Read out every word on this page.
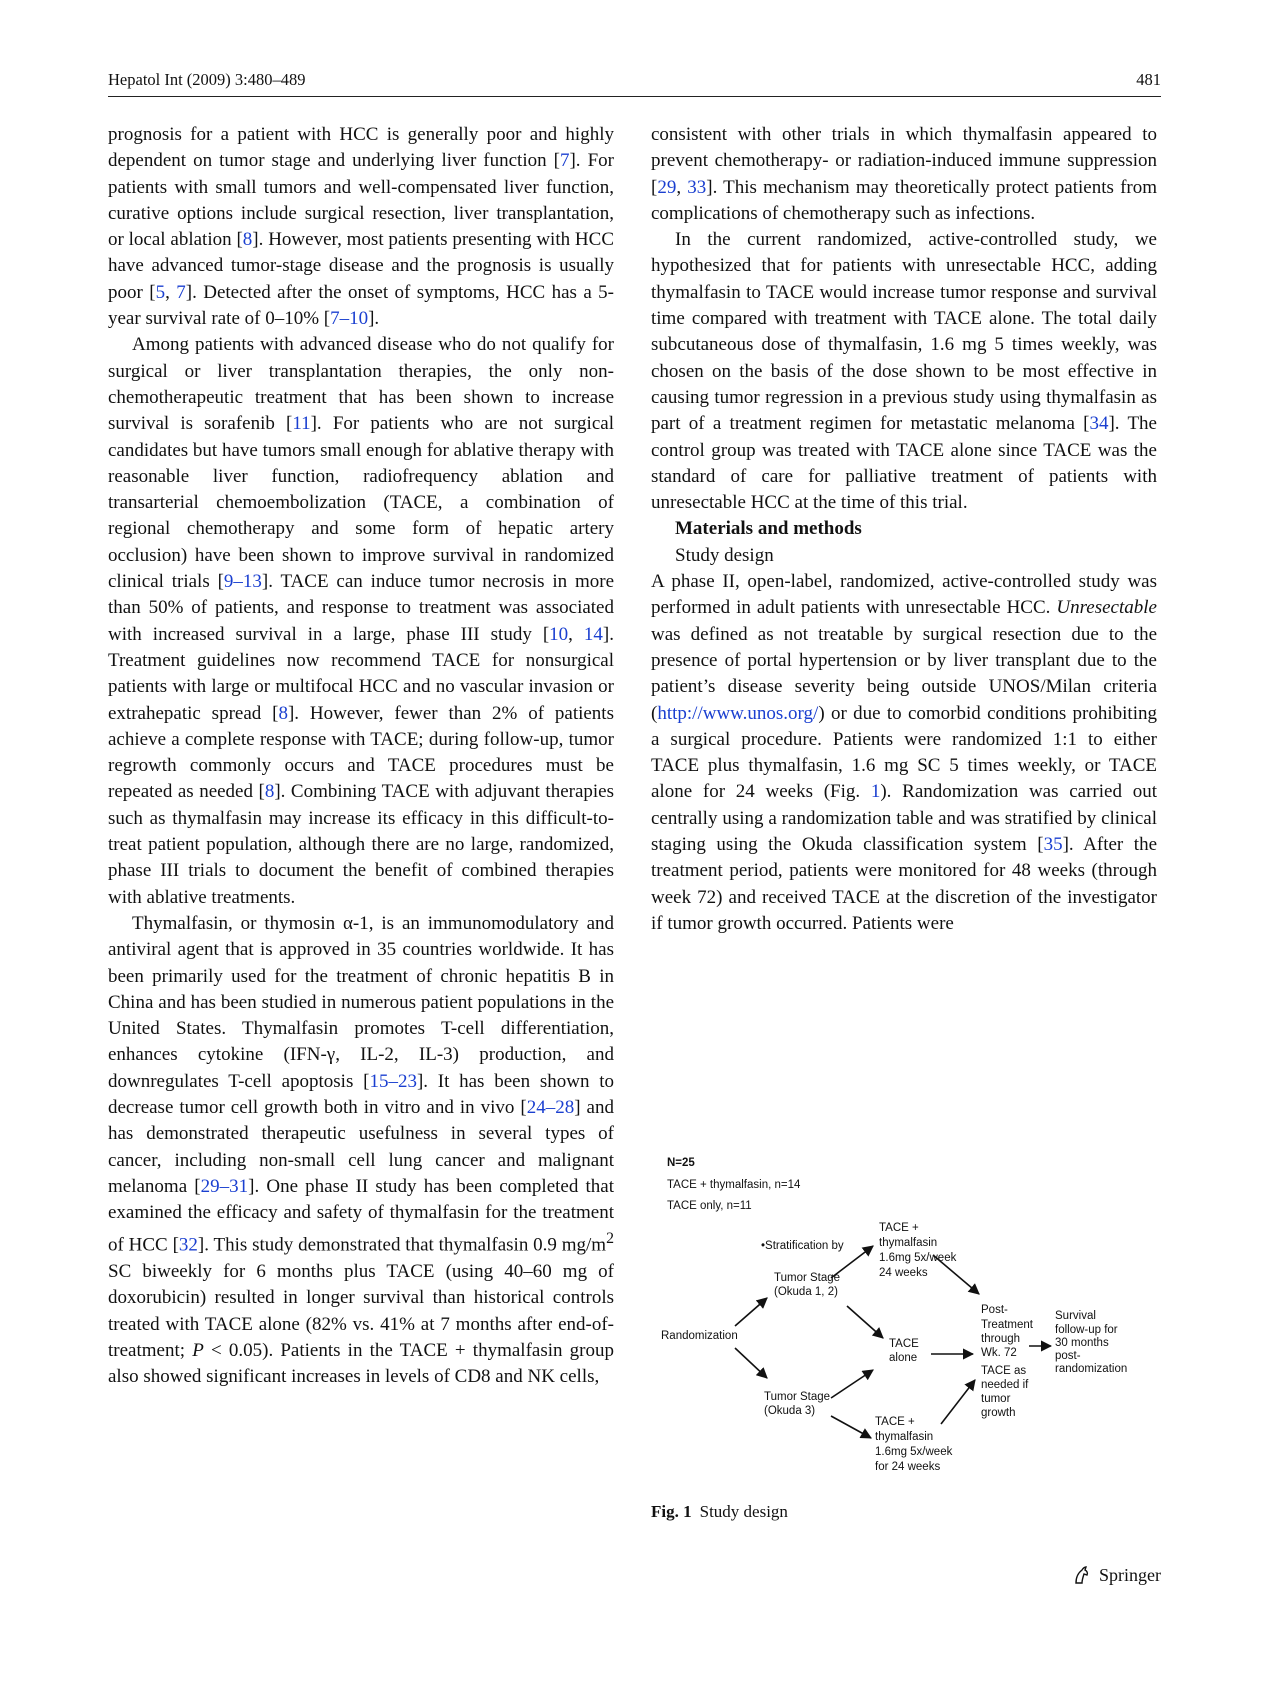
Hepatol Int (2009) 3:480–489	481

prognosis for a patient with HCC is generally poor and highly dependent on tumor stage and underlying liver function [7]. For patients with small tumors and well-compensated liver function, curative options include surgical resection, liver transplantation, or local ablation [8]. However, most patients presenting with HCC have advanced tumor-stage disease and the prognosis is usually poor [5, 7]. Detected after the onset of symptoms, HCC has a 5-year survival rate of 0–10% [7–10].

Among patients with advanced disease who do not qualify for surgical or liver transplantation therapies, the only non-chemotherapeutic treatment that has been shown to increase survival is sorafenib [11]. For patients who are not surgical candidates but have tumors small enough for ablative therapy with reasonable liver function, radiofrequency ablation and transarterial chemoembolization (TACE, a combination of regional chemotherapy and some form of hepatic artery occlusion) have been shown to improve survival in randomized clinical trials [9–13]. TACE can induce tumor necrosis in more than 50% of patients, and response to treatment was associated with increased survival in a large, phase III study [10, 14]. Treatment guidelines now recommend TACE for nonsurgical patients with large or multifocal HCC and no vascular invasion or extrahepatic spread [8]. However, fewer than 2% of patients achieve a complete response with TACE; during follow-up, tumor regrowth commonly occurs and TACE procedures must be repeated as needed [8]. Combining TACE with adjuvant therapies such as thymalfasin may increase its efficacy in this difficult-to-treat patient population, although there are no large, randomized, phase III trials to document the benefit of combined therapies with ablative treatments.

Thymalfasin, or thymosin α-1, is an immunomodulatory and antiviral agent that is approved in 35 countries worldwide. It has been primarily used for the treatment of chronic hepatitis B in China and has been studied in numerous patient populations in the United States. Thymalfasin promotes T-cell differentiation, enhances cytokine (IFN-γ, IL-2, IL-3) production, and downregulates T-cell apoptosis [15–23]. It has been shown to decrease tumor cell growth both in vitro and in vivo [24–28] and has demonstrated therapeutic usefulness in several types of cancer, including non-small cell lung cancer and malignant melanoma [29–31]. One phase II study has been completed that examined the efficacy and safety of thymalfasin for the treatment of HCC [32]. This study demonstrated that thymalfasin 0.9 $mg/m^2$ SC biweekly for 6 months plus TACE (using 40–60 mg of doxorubicin) resulted in longer survival than historical controls treated with TACE alone (82% vs. 41% at 7 months after end-of-treatment; P < 0.05). Patients in the TACE + thymalfasin group also showed significant increases in levels of CD8 and NK cells,

consistent with other trials in which thymalfasin appeared to prevent chemotherapy- or radiation-induced immune suppression [29, 33]. This mechanism may theoretically protect patients from complications of chemotherapy such as infections.

In the current randomized, active-controlled study, we hypothesized that for patients with unresectable HCC, adding thymalfasin to TACE would increase tumor response and survival time compared with treatment with TACE alone. The total daily subcutaneous dose of thymalfasin, 1.6 mg 5 times weekly, was chosen on the basis of the dose shown to be most effective in causing tumor regression in a previous study using thymalfasin as part of a treatment regimen for metastatic melanoma [34]. The control group was treated with TACE alone since TACE was the standard of care for palliative treatment of patients with unresectable HCC at the time of this trial.

Materials and methods

Study design

A phase II, open-label, randomized, active-controlled study was performed in adult patients with unresectable HCC. Unresectable was defined as not treatable by surgical resection due to the presence of portal hypertension or by liver transplant due to the patient’s disease severity being outside UNOS/Milan criteria (http://www.unos.org/) or due to comorbid conditions prohibiting a surgical procedure. Patients were randomized 1:1 to either TACE plus thymalfasin, 1.6 mg SC 5 times weekly, or TACE alone for 24 weeks (Fig. 1). Randomization was carried out centrally using a randomization table and was stratified by clinical staging using the Okuda classification system [35]. After the treatment period, patients were monitored for 48 weeks (through week 72) and received TACE at the discretion of the investigator if tumor growth occurred. Patients were

N=25
TACE + thymalfasin, n=14
TACE only, n=11
•Stratification by
Randomization
Tumor Stage
(Okuda 1, 2)
Tumor Stage
(Okuda 3)
TACE +
thymalfasin
1.6mg 5x/week
24 weeks
TACE
alone
TACE +
thymalfasin
1.6mg 5x/week
for 24 weeks
Post-
Treatment
through
Wk. 72
TACE as
needed if
tumor
growth
Survival
follow-up for
30 months
post-
randomization
Fig. 1 Study design
Springer
